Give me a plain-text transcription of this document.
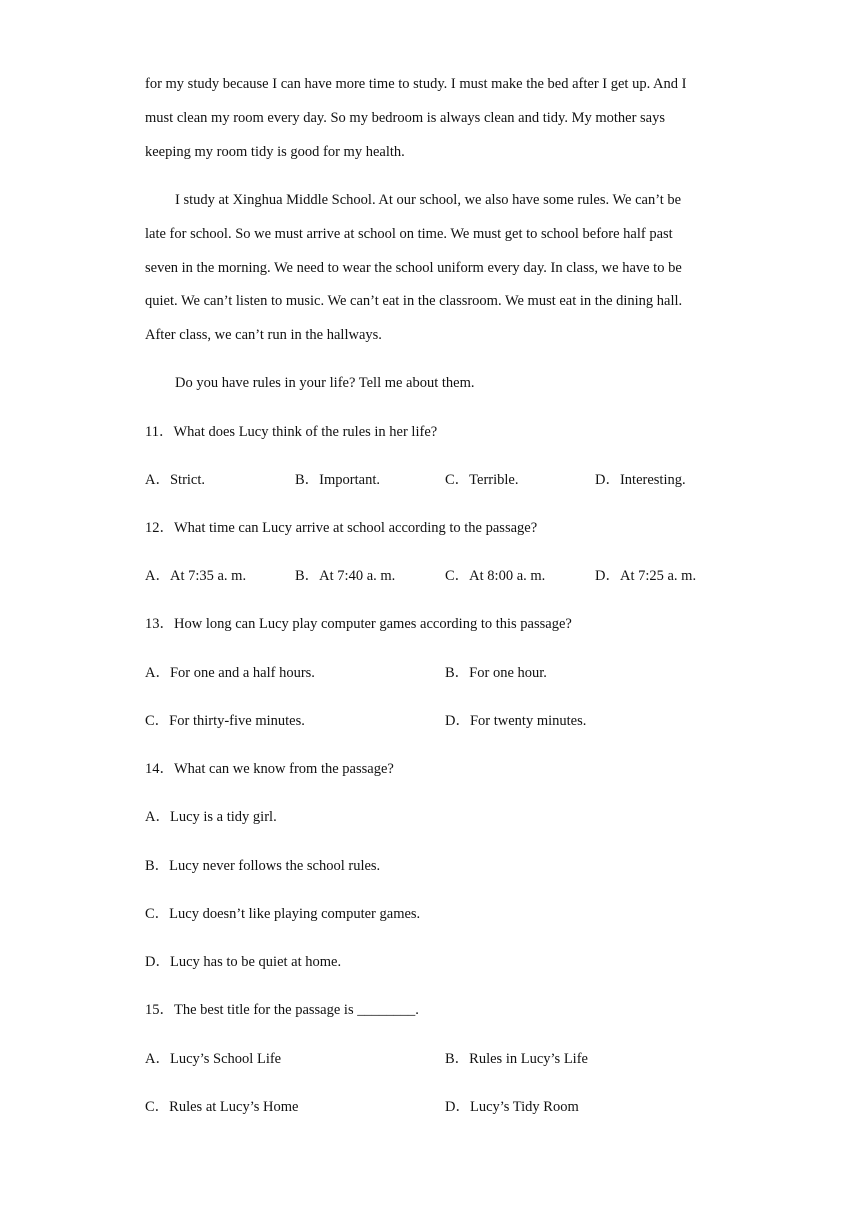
for my study because I can have more time to study. I must make the bed after I get up. And I
must clean my room every day. So my bedroom is always clean and tidy. My mother says
keeping my room tidy is good for my health.
I study at Xinghua Middle School. At our school, we also have some rules. We can’t be
late for school. So we must arrive at school on time. We must get to school before half past
seven in the morning. We need to wear the school uniform every day. In class, we have to be
quiet. We can’t listen to music. We can’t eat in the classroom. We must eat in the dining hall.
After class, we can’t run in the hallways.
Do you have rules in your life? Tell me about them.
11．What does Lucy think of the rules in her life?
A．Strict.	B．Important.	C．Terrible.	D．Interesting.
12．What time can Lucy arrive at school according to the passage?
A．At 7:35 a. m.	B．At 7:40 a. m.	C．At 8:00 a. m.	D．At 7:25 a. m.
13．How long can Lucy play computer games according to this passage?
A．For one and a half hours.	B．For one hour.
C．For thirty-five minutes.	D．For twenty minutes.
14．What can we know from the passage?
A．Lucy is a tidy girl.
B．Lucy never follows the school rules.
C．Lucy doesn’t like playing computer games.
D．Lucy has to be quiet at home.
15．The best title for the passage is ________.
A．Lucy’s School Life	B．Rules in Lucy’s Life
C．Rules at Lucy’s Home	D．Lucy’s Tidy Room
